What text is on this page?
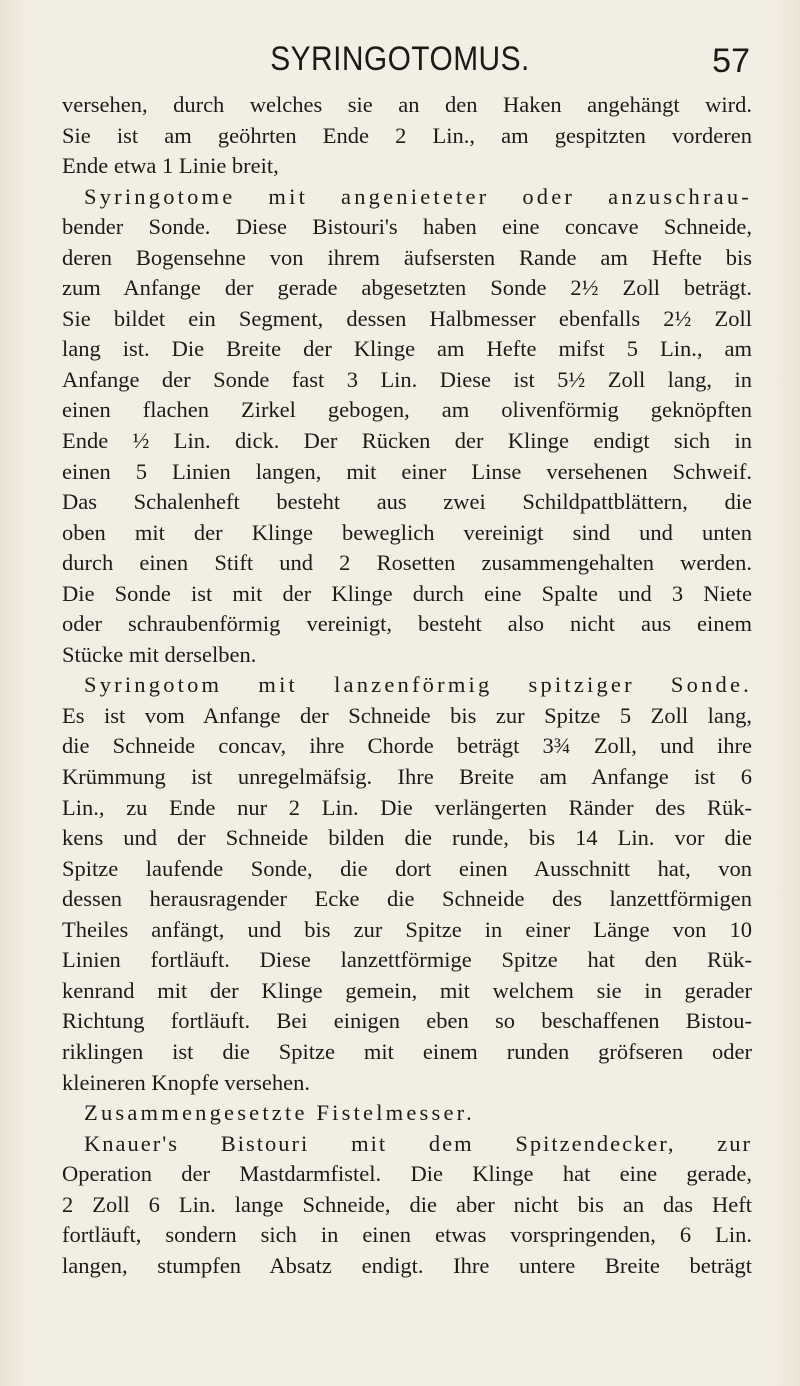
SYRINGOTOMUS.	57
versehen, durch welches sie an den Haken angehängt wird.
Sie ist am geöhrten Ende 2 Lin., am gespitzten vorderen
Ende etwa 1 Linie breit,
Syringotome mit angenieteter oder anzuschrau-
bender Sonde. Diese Bistouri's haben eine concave Schneide,
deren Bogensehne von ihrem äufsersten Rande am Hefte bis
zum Anfange der gerade abgesetzten Sonde 2½ Zoll beträgt.
Sie bildet ein Segment, dessen Halbmesser ebenfalls 2½ Zoll
lang ist. Die Breite der Klinge am Hefte mifst 5 Lin., am
Anfange der Sonde fast 3 Lin. Diese ist 5½ Zoll lang, in
einen flachen Zirkel gebogen, am olivenförmig geknöpften
Ende ½ Lin. dick. Der Rücken der Klinge endigt sich in
einen 5 Linien langen, mit einer Linse versehenen Schweif.
Das Schalenheft besteht aus zwei Schildpattblättern, die
oben mit der Klinge beweglich vereinigt sind und unten
durch einen Stift und 2 Rosetten zusammengehalten werden.
Die Sonde ist mit der Klinge durch eine Spalte und 3 Niete
oder schraubenförmig vereinigt, besteht also nicht aus einem
Stücke mit derselben.
Syringotom mit lanzenförmig spitziger Sonde.
Es ist vom Anfange der Schneide bis zur Spitze 5 Zoll lang,
die Schneide concav, ihre Chorde beträgt 3¾ Zoll, und ihre
Krümmung ist unregelmäfsig. Ihre Breite am Anfange ist 6
Lin., zu Ende nur 2 Lin. Die verlängerten Ränder des Rük-
kens und der Schneide bilden die runde, bis 14 Lin. vor die
Spitze laufende Sonde, die dort einen Ausschnitt hat, von
dessen herausragender Ecke die Schneide des lanzettförmigen
Theiles anfängt, und bis zur Spitze in einer Länge von 10
Linien fortläuft. Diese lanzettförmige Spitze hat den Rük-
kenrand mit der Klinge gemein, mit welchem sie in gerader
Richtung fortläuft. Bei einigen eben so beschaffenen Bistou-
riklingen ist die Spitze mit einem runden gröfseren oder
kleineren Knopfe versehen.
Zusammengesetzte Fistelmesser.
Knauer's Bistouri mit dem Spitzendecker, zur
Operation der Mastdarmfistel. Die Klinge hat eine gerade,
2 Zoll 6 Lin. lange Schneide, die aber nicht bis an das Heft
fortläuft, sondern sich in einen etwas vorspringenden, 6 Lin.
langen, stumpfen Absatz endigt. Ihre untere Breite beträgt
